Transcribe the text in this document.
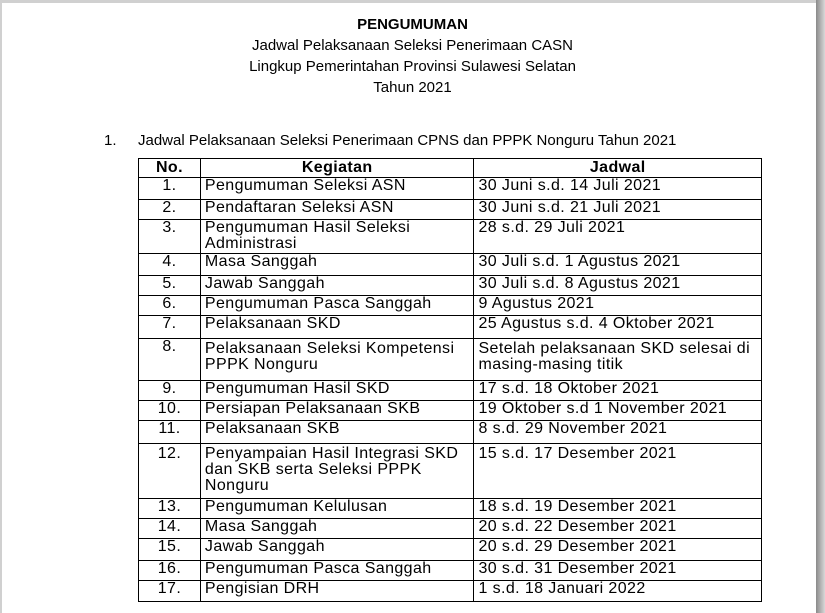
PENGUMUMAN
Jadwal Pelaksanaan Seleksi Penerimaan CASN
Lingkup Pemerintahan Provinsi Sulawesi Selatan
Tahun 2021
1. Jadwal Pelaksanaan Seleksi Penerimaan CPNS dan PPPK Nonguru Tahun 2021
No.	Kegiatan	Jadwal
1.	Pengumuman Seleksi ASN	30 Juni s.d. 14 Juli 2021
2.	Pendaftaran Seleksi ASN	30 Juni s.d. 21 Juli 2021
3.	Pengumuman Hasil Seleksi Administrasi	28 s.d. 29 Juli 2021
4.	Masa Sanggah	30 Juli s.d. 1 Agustus 2021
5.	Jawab Sanggah	30 Juli s.d. 8 Agustus 2021
6.	Pengumuman Pasca Sanggah	9 Agustus 2021
7.	Pelaksanaan SKD	25 Agustus s.d. 4 Oktober 2021
8.	Pelaksanaan Seleksi Kompetensi PPPK Nonguru	Setelah pelaksanaan SKD selesai di masing-masing titik

9.	Pengumuman Hasil SKD	17 s.d. 18 Oktober 2021
10.	Persiapan Pelaksanaan SKB	19 Oktober s.d 1 November 2021
11.	Pelaksanaan SKB	8 s.d. 29 November 2021

12.	Penyampaian Hasil Integrasi SKD dan SKB serta Seleksi PPPK Nonguru	15 s.d. 17 Desember 2021

13.	Pengumuman Kelulusan	18 s.d. 19 Desember 2021
14.	Masa Sanggah	20 s.d. 22 Desember 2021
15.	Jawab Sanggah	20 s.d. 29 Desember 2021
16.	Pengumuman Pasca Sanggah	30 s.d. 31 Desember 2021
17.	Pengisian DRH	1 s.d. 18 Januari 2022
